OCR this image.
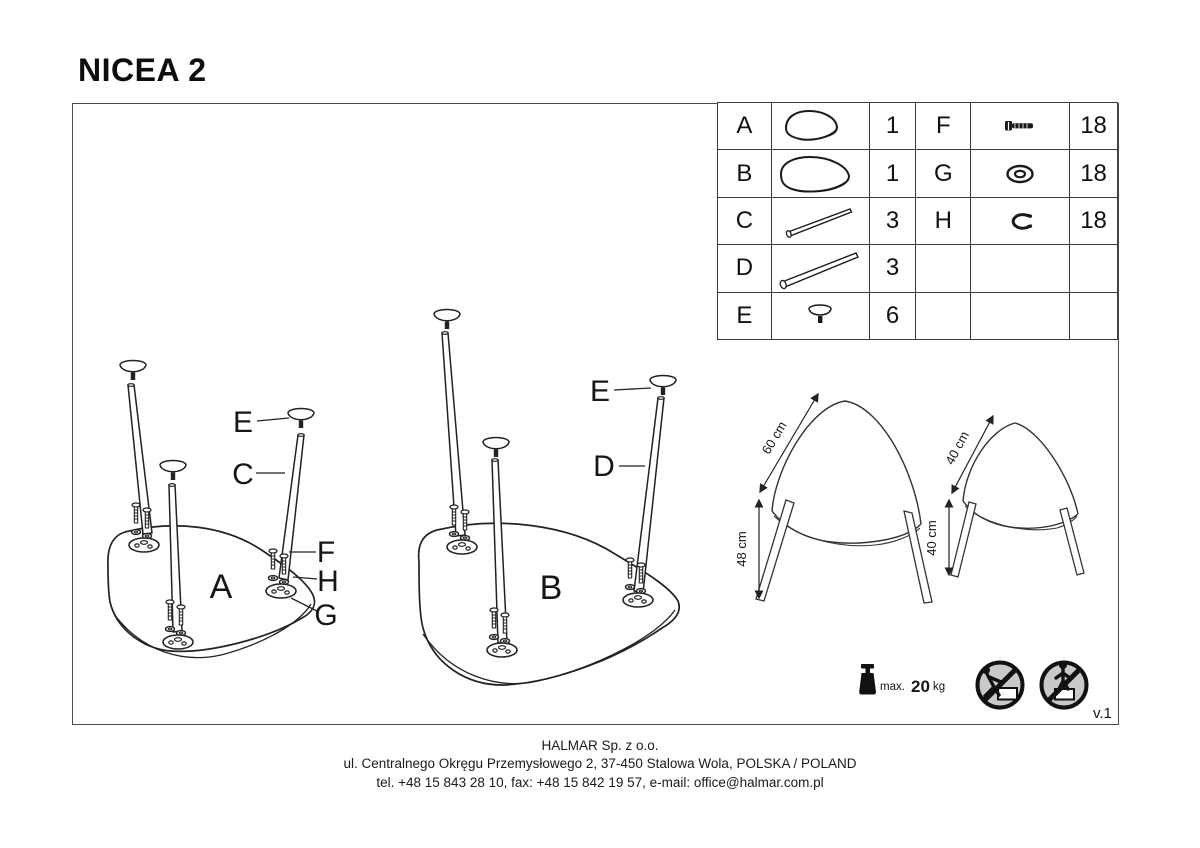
NICEA 2
E
C
F
H
G
A
E
D
B
60 cm
48 cm
40 cm
40 cm
max. 20 kg
v.1
A		1	F		18
B		1	G		18
C		3	H		18
D		3			
E		6			
HALMAR Sp. z o.o.
ul. Centralnego Okręgu Przemysłowego 2, 37-450 Stalowa Wola, POLSKA / POLAND
tel. +48 15 843 28 10, fax: +48 15 842 19 57, e-mail: office@halmar.com.pl
